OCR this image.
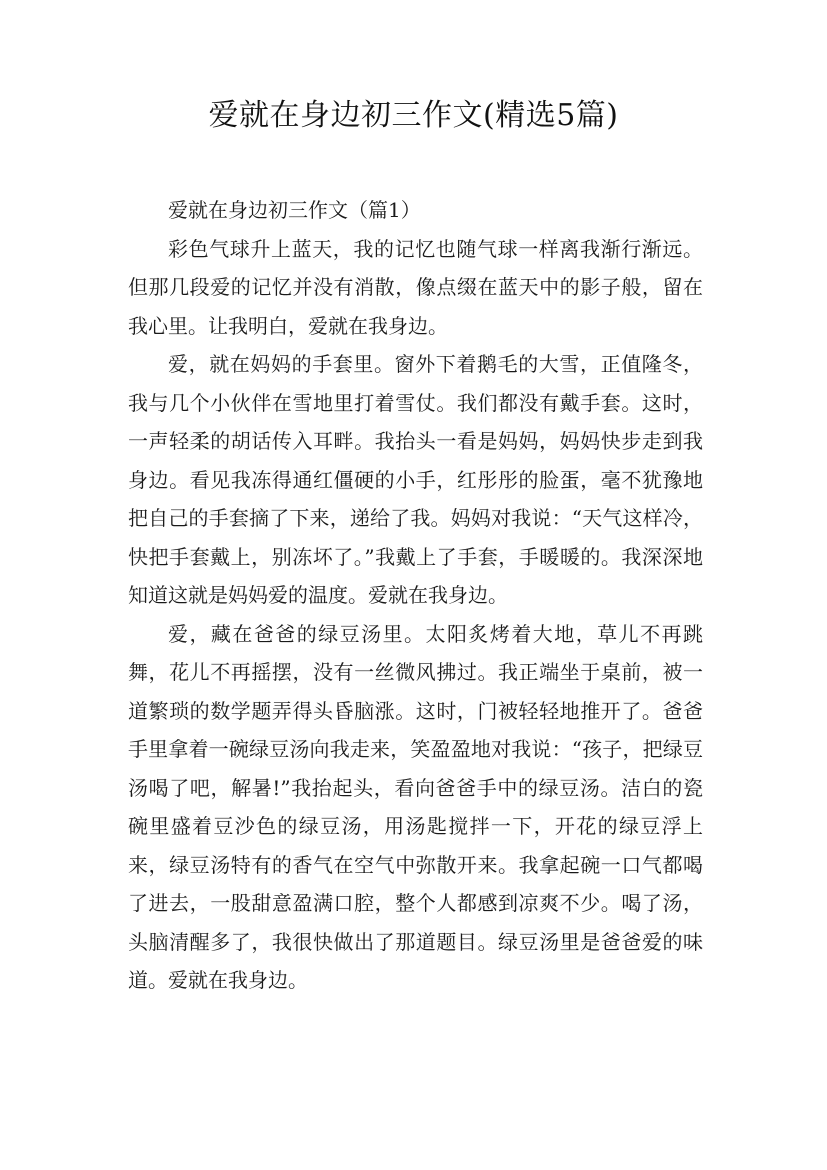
爱就在身边初三作文(精选5篇)

爱就在身边初三作文（篇1）

彩色气球升上蓝天，我的记忆也随气球一样离我渐行渐远。但那几段爱的记忆并没有消散，像点缀在蓝天中的影子般，留在我心里。让我明白，爱就在我身边。

爱，就在妈妈的手套里。窗外下着鹅毛的大雪，正值隆冬，我与几个小伙伴在雪地里打着雪仗。我们都没有戴手套。这时，一声轻柔的胡话传入耳畔。我抬头一看是妈妈，妈妈快步走到我身边。看见我冻得通红僵硬的小手，红彤彤的脸蛋，毫不犹豫地把自己的手套摘了下来，递给了我。妈妈对我说：“天气这样冷，快把手套戴上，别冻坏了。”我戴上了手套，手暖暖的。我深深地知道这就是妈妈爱的温度。爱就在我身边。

爱，藏在爸爸的绿豆汤里。太阳炙烤着大地，草儿不再跳舞，花儿不再摇摆，没有一丝微风拂过。我正端坐于桌前，被一道繁琐的数学题弄得头昏脑涨。这时，门被轻轻地推开了。爸爸手里拿着一碗绿豆汤向我走来，笑盈盈地对我说：“孩子，把绿豆汤喝了吧，解暑!”我抬起头，看向爸爸手中的绿豆汤。洁白的瓷碗里盛着豆沙色的绿豆汤，用汤匙搅拌一下，开花的绿豆浮上来，绿豆汤特有的香气在空气中弥散开来。我拿起碗一口气都喝了进去，一股甜意盈满口腔，整个人都感到凉爽不少。喝了汤，头脑清醒多了，我很快做出了那道题目。绿豆汤里是爸爸爱的味道。爱就在我身边。
